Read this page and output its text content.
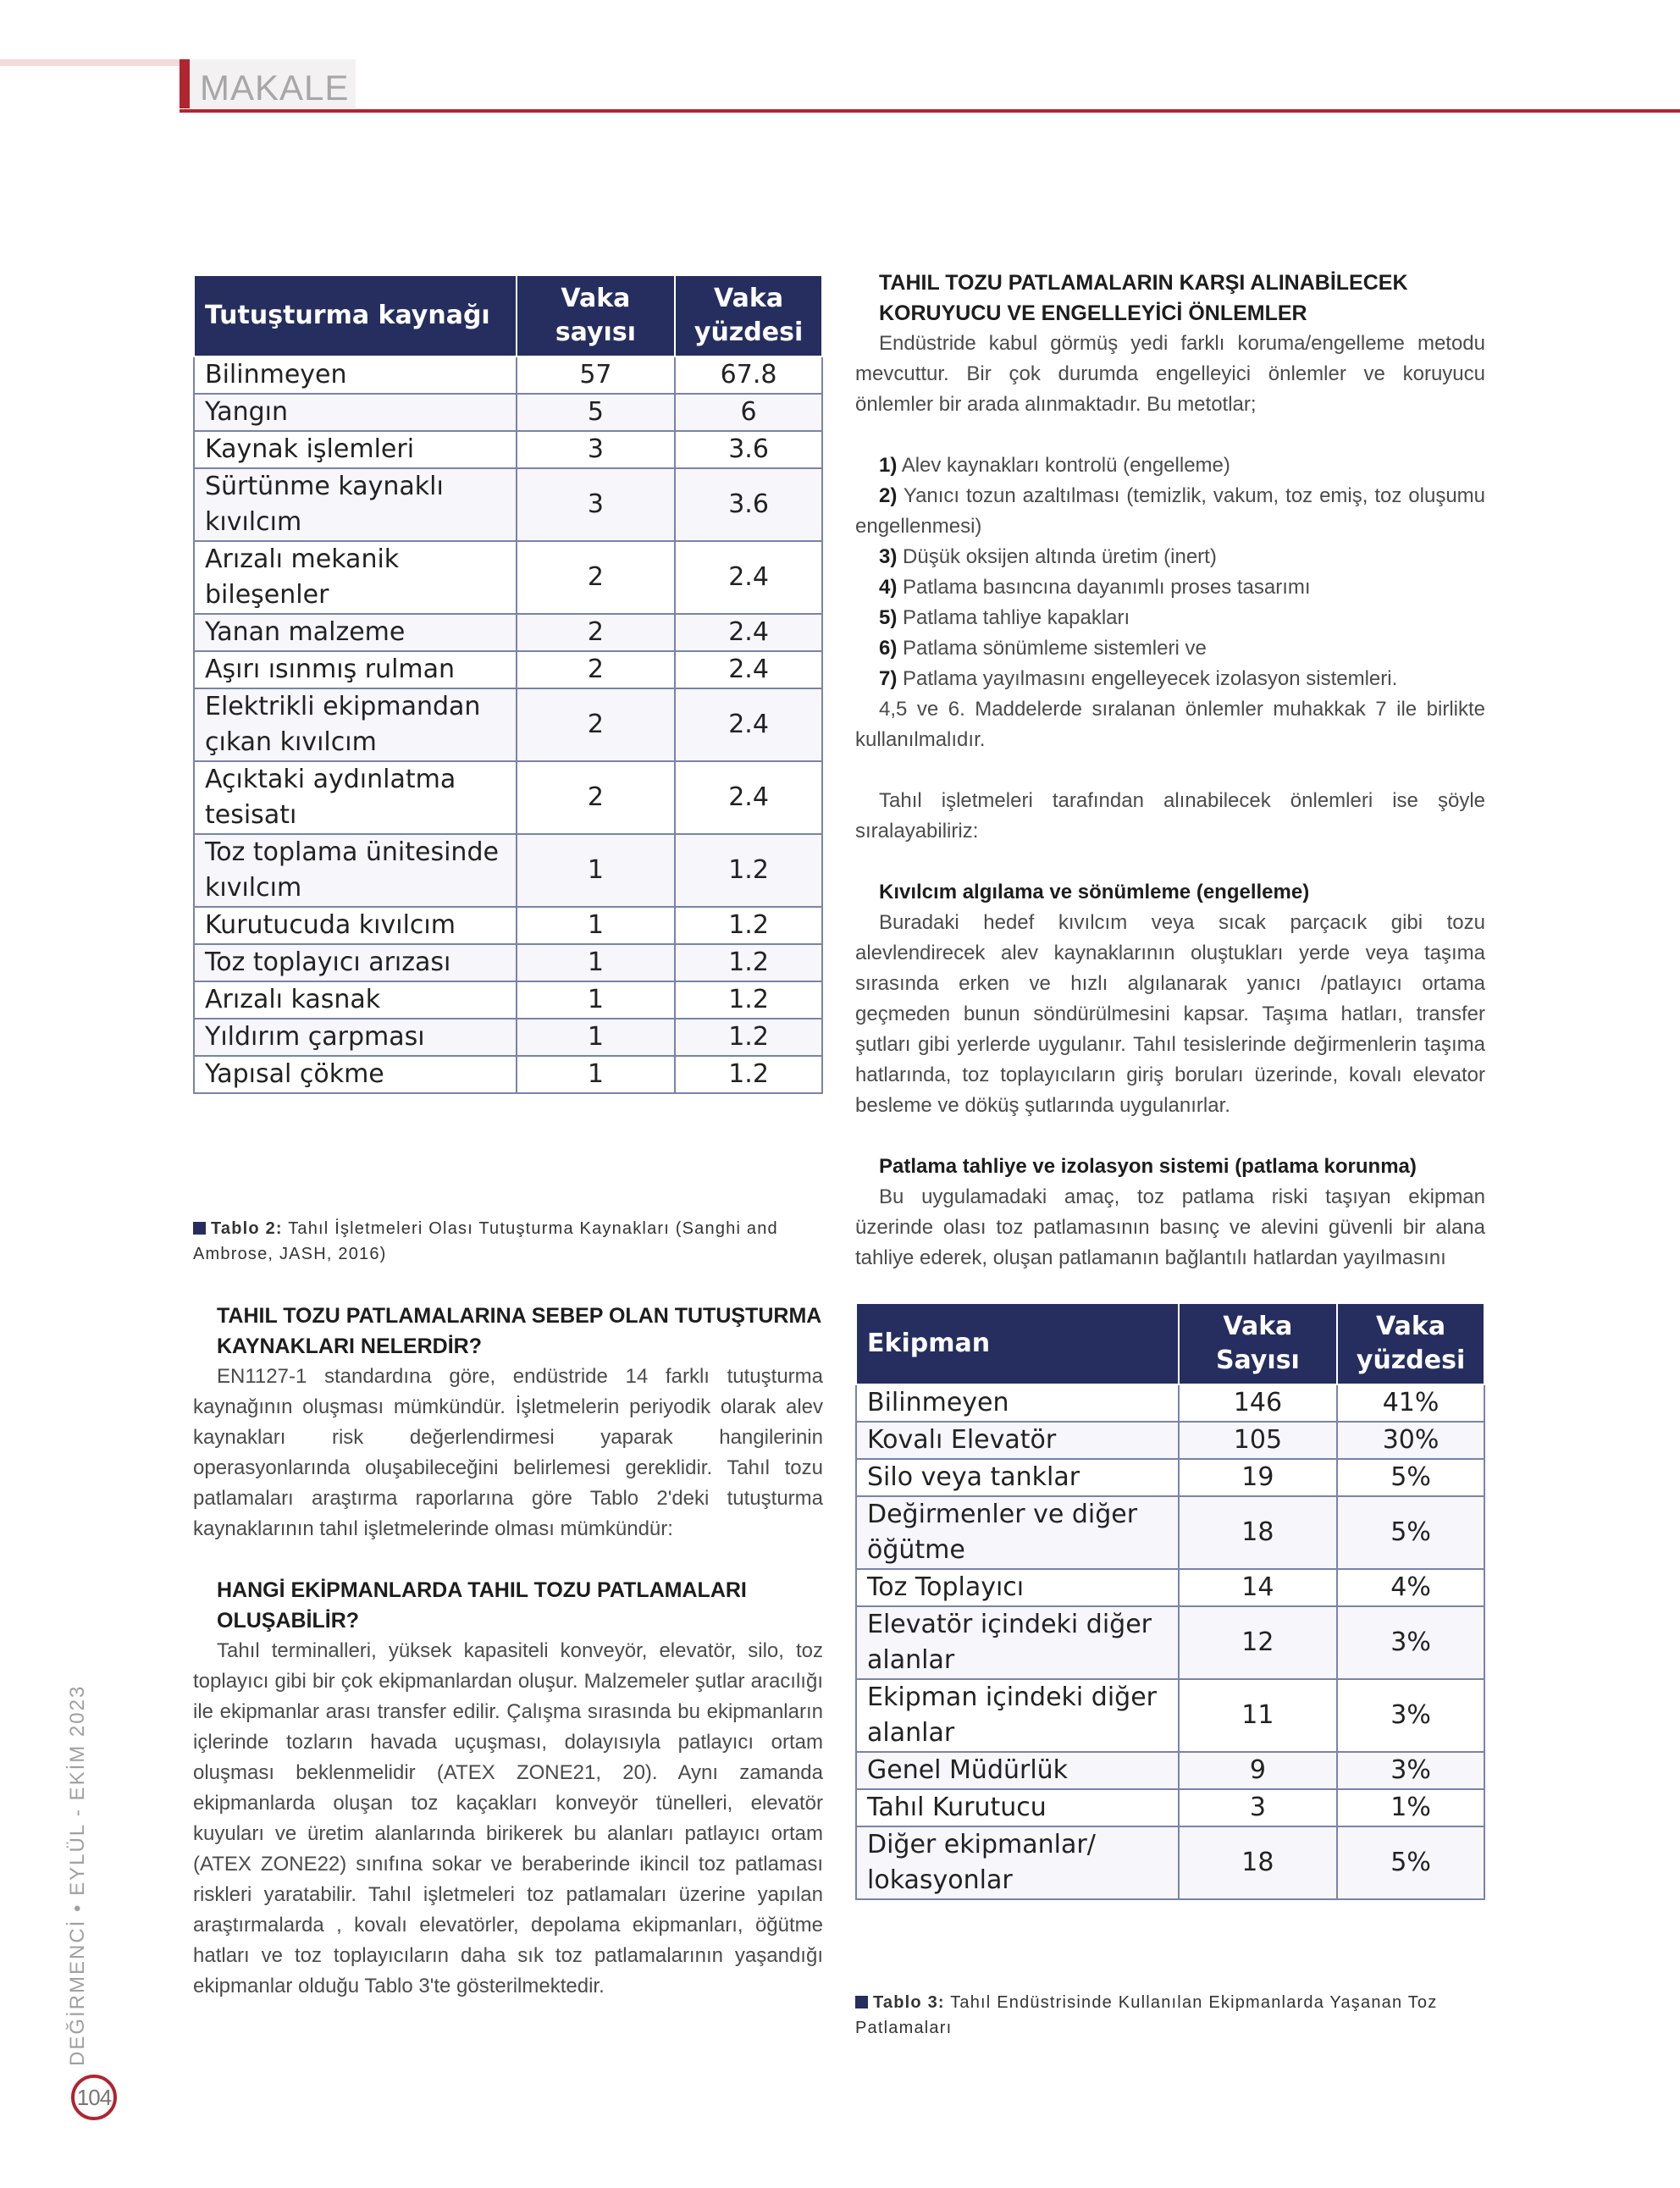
MAKALE
Tutuşturma kaynağı	Vaka sayısı	Vaka yüzdesi
Bilinmeyen	57	67.8
Yangın	5	6
Kaynak işlemleri	3	3.6
Sürtünme kaynaklı kıvılcım	3	3.6
Arızalı mekanik bileşenler	2	2.4
Yanan malzeme	2	2.4
Aşırı ısınmış rulman	2	2.4
Elektrikli ekipmandan çıkan kıvılcım	2	2.4
Açıktaki aydınlatma tesisatı	2	2.4
Toz toplama ünitesinde kıvılcım	1	1.2
Kurutucuda kıvılcım	1	1.2
Toz toplayıcı arızası	1	1.2
Arızalı kasnak	1	1.2
Yıldırım çarpması	1	1.2
Yapısal çökme	1	1.2
Tablo 2: Tahıl İşletmeleri Olası Tutuşturma Kaynakları (Sanghi and Ambrose, JASH, 2016)
TAHIL TOZU PATLAMALARINA SEBEP OLAN TUTUŞTURMA KAYNAKLARI NELERDİR?

EN1127-1 standardına göre, endüstride 14 farklı tutuşturma kaynağının oluşması mümkündür. İşletmelerin periyodik olarak alev kaynakları risk değerlendirmesi yaparak hangilerinin operasyonlarında oluşabileceğini belirlemesi gereklidir. Tahıl tozu patlamaları araştırma raporlarına göre Tablo 2'deki tutuşturma kaynaklarının tahıl işletmelerinde olması mümkündür:

HANGİ EKİPMANLARDA TAHIL TOZU PATLAMALARI OLUŞABİLİR?

Tahıl terminalleri, yüksek kapasiteli konveyör, elevatör, silo, toz toplayıcı gibi bir çok ekipmanlardan oluşur. Malzemeler şutlar aracılığı ile ekipmanlar arası transfer edilir. Çalışma sırasında bu ekipmanların içlerinde tozların havada uçuşması, dolayısıyla patlayıcı ortam oluşması beklenmelidir (ATEX ZONE21, 20). Aynı zamanda ekipmanlarda oluşan toz kaçakları konveyör tünelleri, elevatör kuyuları ve üretim alanlarında birikerek bu alanları patlayıcı ortam (ATEX ZONE22) sınıfına sokar ve beraberinde ikincil toz patlaması riskleri yaratabilir. Tahıl işletmeleri toz patlamaları üzerine yapılan araştırmalarda , kovalı elevatörler, depolama ekipmanları, öğütme hatları ve toz toplayıcıların daha sık toz patlamalarının yaşandığı ekipmanlar olduğu Tablo 3'te gösterilmektedir.

TAHIL TOZU PATLAMALARIN KARŞI ALINABİLECEK KORUYUCU VE ENGELLEYİCİ ÖNLEMLER

Endüstride kabul görmüş yedi farklı koruma/engelleme metodu mevcuttur. Bir çok durumda engelleyici önlemler ve koruyucu önlemler bir arada alınmaktadır. Bu metotlar;

1) Alev kaynakları kontrolü (engelleme)

2) Yanıcı tozun azaltılması (temizlik, vakum, toz emiş, toz oluşumu engellenmesi)

3) Düşük oksijen altında üretim (inert)

4) Patlama basıncına dayanımlı proses tasarımı

5) Patlama tahliye kapakları

6) Patlama sönümleme sistemleri ve

7) Patlama yayılmasını engelleyecek izolasyon sistemleri.

4,5 ve 6. Maddelerde sıralanan önlemler muhakkak 7 ile birlikte kullanılmalıdır.

Tahıl işletmeleri tarafından alınabilecek önlemleri ise şöyle sıralayabiliriz:

Kıvılcım algılama ve sönümleme (engelleme)

Buradaki hedef kıvılcım veya sıcak parçacık gibi tozu alevlendirecek alev kaynaklarının oluştukları yerde veya taşıma sırasında erken ve hızlı algılanarak yanıcı /patlayıcı ortama geçmeden bunun söndürülmesini kapsar. Taşıma hatları, transfer şutları gibi yerlerde uygulanır. Tahıl tesislerinde değirmenlerin taşıma hatlarında, toz toplayıcıların giriş boruları üzerinde, kovalı elevator besleme ve döküş şutlarında uygulanırlar.

Patlama tahliye ve izolasyon sistemi (patlama korunma)

Bu uygulamadaki amaç, toz patlama riski taşıyan ekipman üzerinde olası toz patlamasının basınç ve alevini güvenli bir alana tahliye ederek, oluşan patlamanın bağlantılı hatlardan yayılmasını

Ekipman	Vaka Sayısı	Vaka yüzdesi
Bilinmeyen	146	41%
Kovalı Elevatör	105	30%
Silo veya tanklar	19	5%
Değirmenler ve diğer öğütme	18	5%
Toz Toplayıcı	14	4%
Elevatör içindeki diğer alanlar	12	3%
Ekipman içindeki diğer alanlar	11	3%
Genel Müdürlük	9	3%
Tahıl Kurutucu	3	1%
Diğer ekipmanlar/ lokasyonlar	18	5%
Tablo 3: Tahıl Endüstrisinde Kullanılan Ekipmanlarda Yaşanan Toz Patlamaları
DEĞİRMENCİ • EYLÜL - EKİM 2023
104
